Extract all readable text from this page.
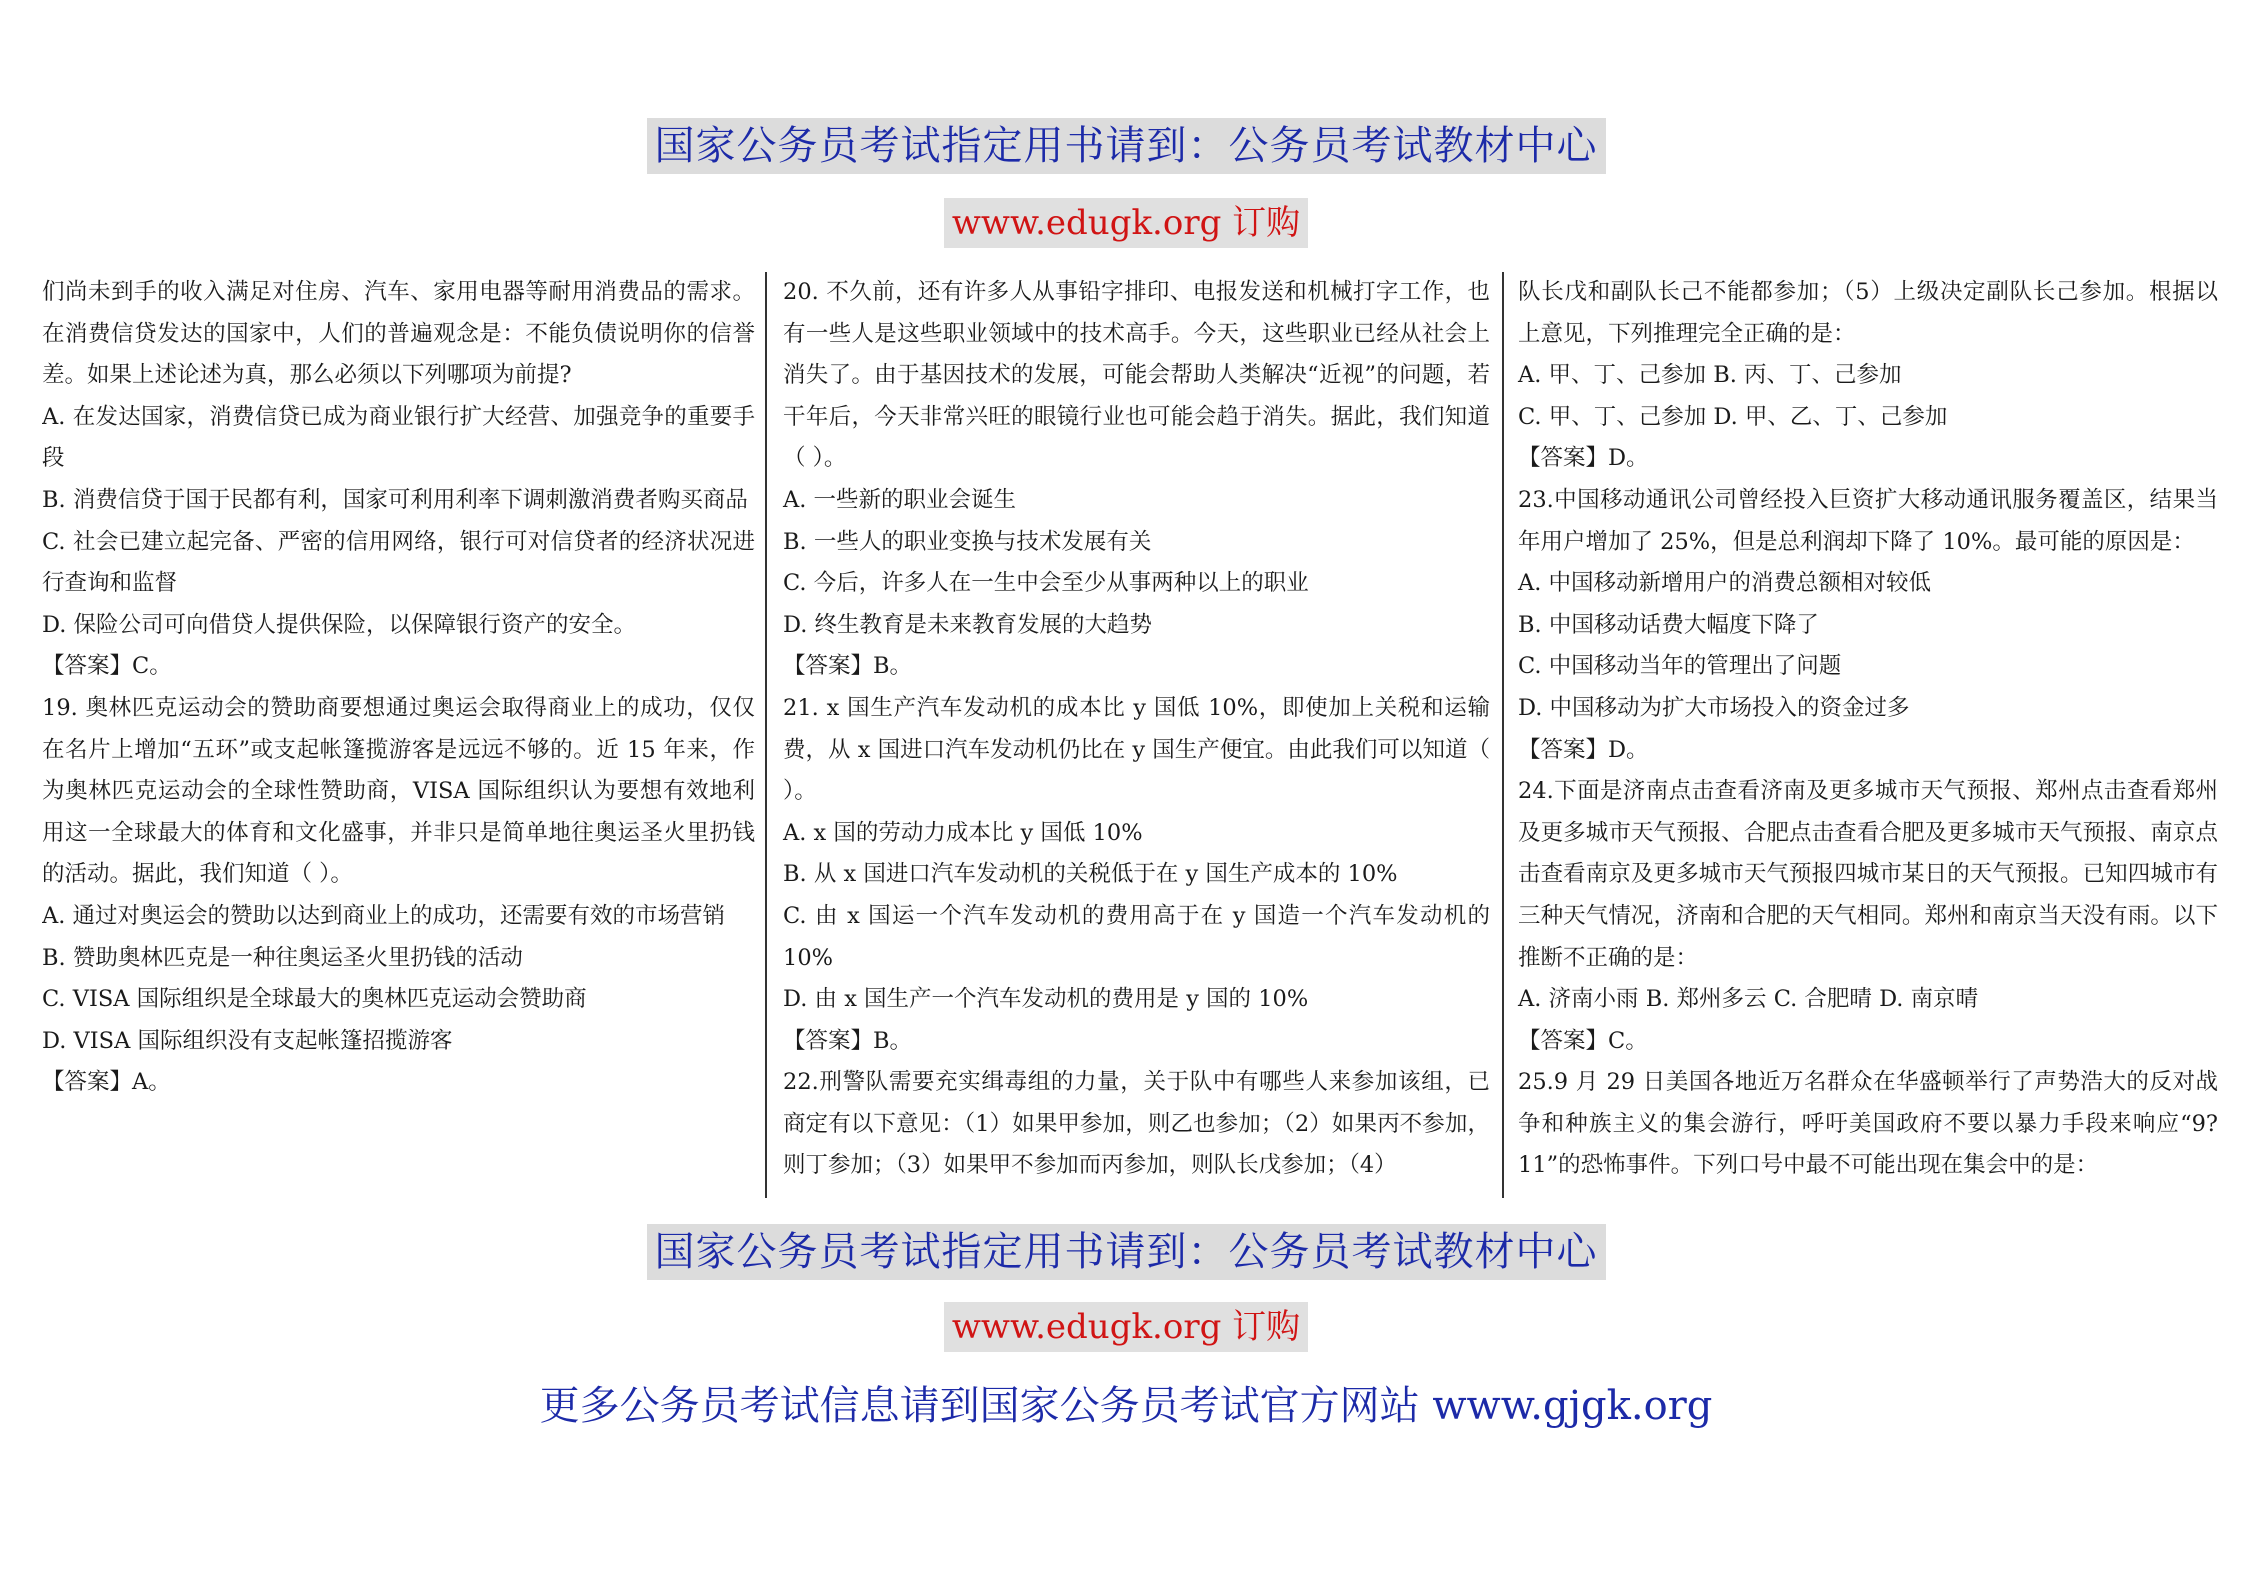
国家公务员考试指定用书请到：公务员考试教材中心
www.edugk.org 订购

们尚未到手的收入满足对住房、汽车、家用电器等耐用消费品的需求。在消费信贷发达的国家中，人们的普遍观念是：不能负债说明你的信誉差。如果上述论述为真，那么必须以下列哪项为前提?

A. 在发达国家，消费信贷已成为商业银行扩大经营、加强竞争的重要手段

B. 消费信贷于国于民都有利，国家可利用利率下调刺激消费者购买商品

C. 社会已建立起完备、严密的信用网络，银行可对信贷者的经济状况进行查询和监督

D. 保险公司可向借贷人提供保险，以保障银行资产的安全。

【答案】C。

19. 奥林匹克运动会的赞助商要想通过奥运会取得商业上的成功，仅仅在名片上增加“五环”或支起帐篷揽游客是远远不够的。近 15 年来，作为奥林匹克运动会的全球性赞助商，VISA 国际组织认为要想有效地利用这一全球最大的体育和文化盛事，并非只是简单地往奥运圣火里扔钱的活动。据此，我们知道（ ）。

A. 通过对奥运会的赞助以达到商业上的成功，还需要有效的市场营销

B. 赞助奥林匹克是一种往奥运圣火里扔钱的活动

C. VISA 国际组织是全球最大的奥林匹克运动会赞助商

D. VISA 国际组织没有支起帐篷招揽游客

【答案】A。

20. 不久前，还有许多人从事铅字排印、电报发送和机械打字工作，也有一些人是这些职业领域中的技术高手。今天，这些职业已经从社会上消失了。由于基因技术的发展，可能会帮助人类解决“近视”的问题，若干年后，今天非常兴旺的眼镜行业也可能会趋于消失。据此，我们知道（ ）。

A. 一些新的职业会诞生

B. 一些人的职业变换与技术发展有关

C. 今后，许多人在一生中会至少从事两种以上的职业

D. 终生教育是未来教育发展的大趋势

【答案】B。

21. x 国生产汽车发动机的成本比 y 国低 10%，即使加上关税和运输费，从 x 国进口汽车发动机仍比在 y 国生产便宜。由此我们可以知道（ ）。

A. x 国的劳动力成本比 y 国低 10%

B. 从 x 国进口汽车发动机的关税低于在 y 国生产成本的 10%

C. 由 x 国运一个汽车发动机的费用高于在 y 国造一个汽车发动机的 10%

D. 由 x 国生产一个汽车发动机的费用是 y 国的 10%

【答案】B。

22.刑警队需要充实缉毒组的力量，关于队中有哪些人来参加该组，已商定有以下意见：（1）如果甲参加，则乙也参加；（2）如果丙不参加，则丁参加；（3）如果甲不参加而丙参加，则队长戊参加；（4）

队长戊和副队长己不能都参加；（5）上级决定副队长己参加。根据以上意见，下列推理完全正确的是：

A. 甲、丁、己参加 B. 丙、丁、己参加

C. 甲、丁、己参加 D. 甲、乙、丁、己参加

【答案】D。

23.中国移动通讯公司曾经投入巨资扩大移动通讯服务覆盖区，结果当年用户增加了 25%，但是总利润却下降了 10%。最可能的原因是：

A. 中国移动新增用户的消费总额相对较低

B. 中国移动话费大幅度下降了

C. 中国移动当年的管理出了问题

D. 中国移动为扩大市场投入的资金过多

【答案】D。

24.下面是济南点击查看济南及更多城市天气预报、郑州点击查看郑州及更多城市天气预报、合肥点击查看合肥及更多城市天气预报、南京点击查看南京及更多城市天气预报四城市某日的天气预报。已知四城市有三种天气情况，济南和合肥的天气相同。郑州和南京当天没有雨。以下推断不正确的是：

A. 济南小雨 B. 郑州多云 C. 合肥晴 D. 南京晴

【答案】C。

25.9 月 29 日美国各地近万名群众在华盛顿举行了声势浩大的反对战争和种族主义的集会游行，呼吁美国政府不要以暴力手段来响应“9?11”的恐怖事件。下列口号中最不可能出现在集会中的是：

国家公务员考试指定用书请到：公务员考试教材中心
www.edugk.org 订购
更多公务员考试信息请到国家公务员考试官方网站 www.gjgk.org
